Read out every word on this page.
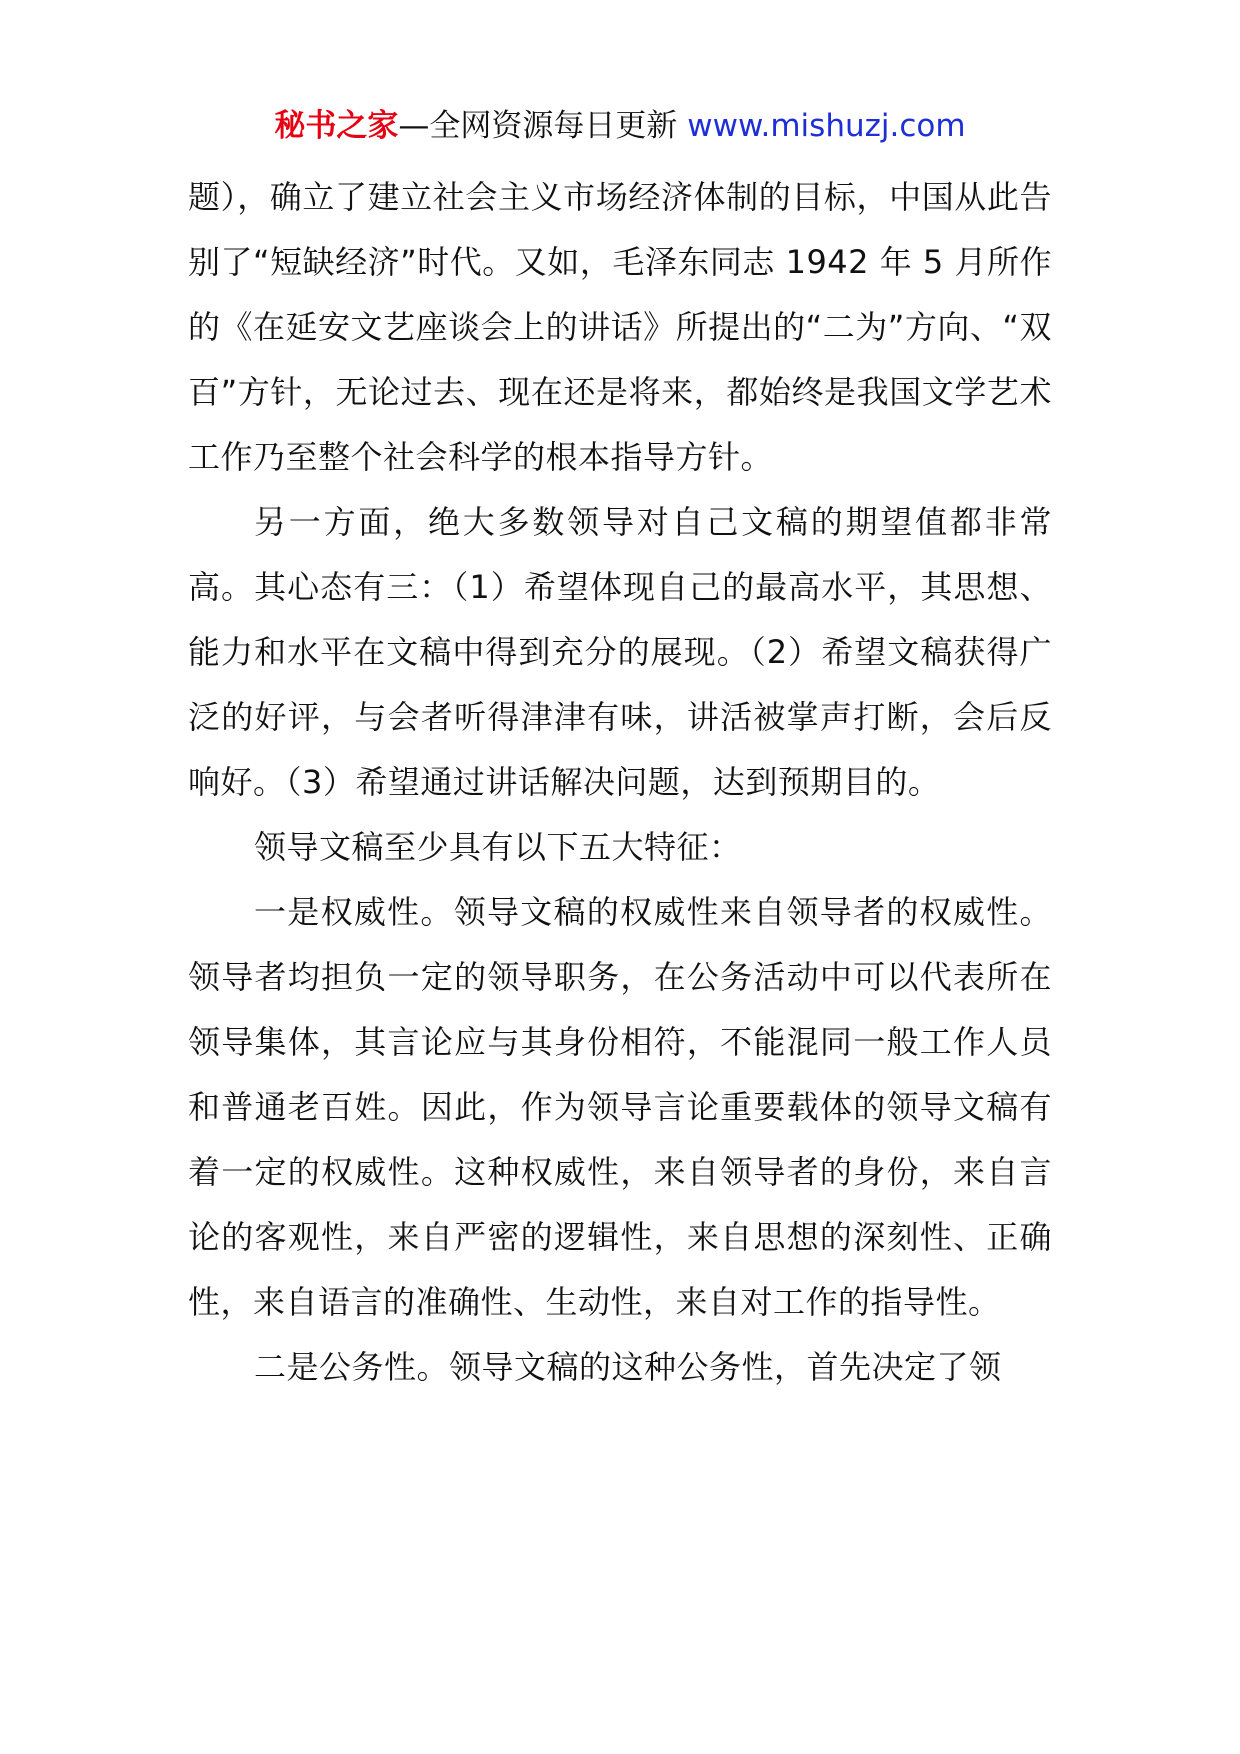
秘书之家—全网资源每日更新 www.mishuzj.com

题），确立了建立社会主义市场经济体制的目标，中国从此告别了“短缺经济”时代。又如，毛泽东同志 1942 年 5 月所作的《在延安文艺座谈会上的讲话》所提出的“二为”方向、“双百”方针，无论过去、现在还是将来，都始终是我国文学艺术工作乃至整个社会科学的根本指导方针。

另一方面，绝大多数领导对自己文稿的期望值都非常高。其心态有三：（1）希望体现自己的最高水平，其思想、能力和水平在文稿中得到充分的展现。（2）希望文稿获得广泛的好评，与会者听得津津有味，讲活被掌声打断，会后反响好。（3）希望通过讲话解决问题，达到预期目的。

领导文稿至少具有以下五大特征：

一是权威性。领导文稿的权威性来自领导者的权威性。领导者均担负一定的领导职务，在公务活动中可以代表所在领导集体，其言论应与其身份相符，不能混同一般工作人员和普通老百姓。因此，作为领导言论重要载体的领导文稿有着一定的权威性。这种权威性，来自领导者的身份，来自言论的客观性，来自严密的逻辑性，来自思想的深刻性、正确性，来自语言的准确性、生动性，来自对工作的指导性。

二是公务性。领导文稿的这种公务性，首先决定了领
